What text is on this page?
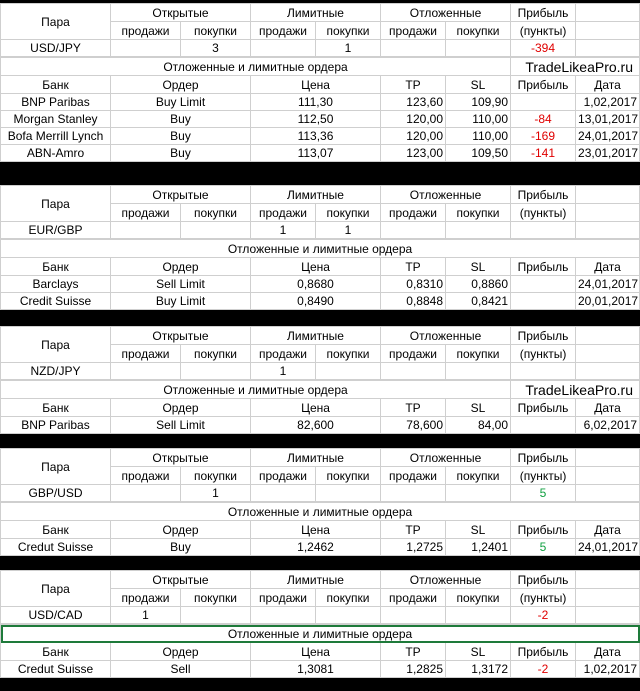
Пара	Открытые		Лимитные		Отложенные		Прибыль	
	продажи	покупки	продажи	покупки	продажи	покупки	(пункты)	
USD/JPY		3		1			-394	
Отложенные и лимитные ордера					TradeLikeaPro.ru	
Банк	Ордер	Цена	TP	SL	Прибыль	Дата
BNP Paribas	Buy Limit	111,30	123,60	109,90		1,02,2017
Morgan Stanley	Buy	112,50	120,00	110,00	-84	13,01,2017
Bofa Merrill Lynch	Buy	113,36	120,00	110,00	-169	24,01,2017
ABN-Amro	Buy	113,07	123,00	109,50	-141	23,01,2017
Пара	Открытые		Лимитные		Отложенные		Прибыль	
	продажи	покупки	продажи	покупки	продажи	покупки	(пункты)	
EUR/GBP			1	1				
Отложенные и лимитные ордера						
Банк	Ордер	Цена	TP	SL	Прибыль	Дата
Barclays	Sell Limit	0,8680	0,8310	0,8860		24,01,2017
Credit Suisse	Buy Limit	0,8490	0,8848	0,8421		20,01,2017
Пара	Открытые		Лимитные		Отложенные		Прибыль	
	продажи	покупки	продажи	покупки	продажи	покупки	(пункты)	
NZD/JPY			1					
Отложенные и лимитные ордера					TradeLikeaPro.ru	
Банк	Ордер	Цена	TP	SL	Прибыль	Дата
BNP Paribas	Sell Limit	82,600	78,600	84,00		6,02,2017
Пара	Открытые		Лимитные		Отложенные		Прибыль	
	продажи	покупки	продажи	покупки	продажи	покупки	(пункты)	
GBP/USD		1					5	
Отложенные и лимитные ордера						
Банк	Ордер	Цена	TP	SL	Прибыль	Дата
Credut Suisse	Buy	1,2462	1,2725	1,2401	5	24,01,2017
Пара	Открытые		Лимитные		Отложенные		Прибыль	
	продажи	покупки	продажи	покупки	продажи	покупки	(пункты)	
USD/CAD	1						-2	
Отложенные и лимитные ордера						
Банк	Ордер	Цена	TP	SL	Прибыль	Дата
Credut Suisse	Sell	1,3081	1,2825	1,3172	-2	1,02,2017
